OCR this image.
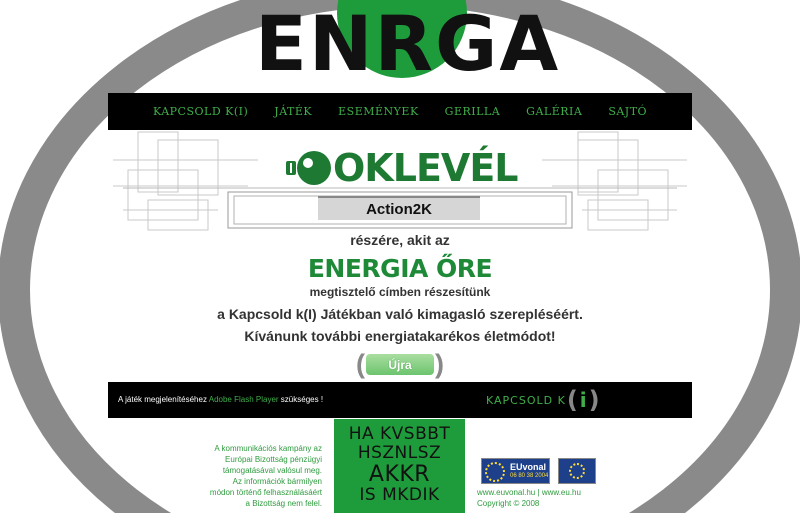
ENRGA
KAPCSOLD K(I)	JÁTÉK	ESEMÉNYEK	GERILLA	GALÉRIA	SAJTÓ
OKLEVÉL
Action2K
részére, akit az
ENERGIA ŐRE
megtisztelő címben részesítünk
a Kapcsold k(I) Játékban való kimagasló szerepléséért.
Kívánunk további energiatakarékos életmódot!
(	Újra )
A játék megjelenítéséhez Adobe Flash Player szükséges !	KAPCSOLD K ( i )
A kommunikációs kampány az
Európai Bizottság pénzügyi
támogatásával valósul meg.
Az információk bármilyen
módon történő felhasználásáért
a Bizottság nem felel.
HA KVSBBT
HSZNLSZ
AKKR
IS MKDIK
EUvonal
06 80 38 2004
www.euvonal.hu | www.eu.hu
Copyright © 2008
